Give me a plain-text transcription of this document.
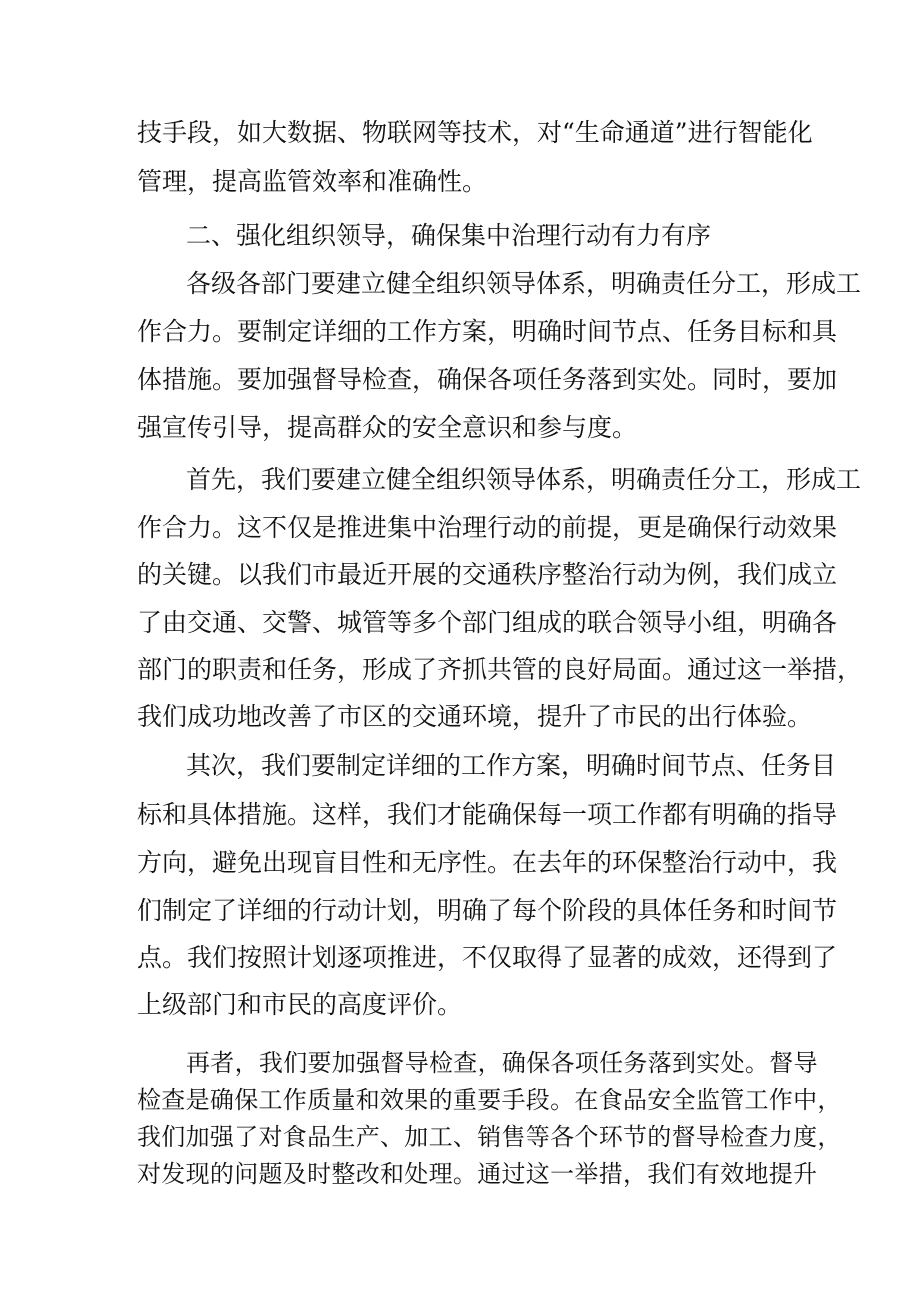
技手段，如大数据、物联网等技术，对“生命通道”进行智能化
管理，提高监管效率和准确性。
二、强化组织领导，确保集中治理行动有力有序
各级各部门要建立健全组织领导体系，明确责任分工，形成工
作合力。要制定详细的工作方案，明确时间节点、任务目标和具
体措施。要加强督导检查，确保各项任务落到实处。同时，要加
强宣传引导，提高群众的安全意识和参与度。
首先，我们要建立健全组织领导体系，明确责任分工，形成工
作合力。这不仅是推进集中治理行动的前提，更是确保行动效果
的关键。以我们市最近开展的交通秩序整治行动为例，我们成立
了由交通、交警、城管等多个部门组成的联合领导小组，明确各
部门的职责和任务，形成了齐抓共管的良好局面。通过这一举措，
我们成功地改善了市区的交通环境，提升了市民的出行体验。
其次，我们要制定详细的工作方案，明确时间节点、任务目
标和具体措施。这样，我们才能确保每一项工作都有明确的指导
方向，避免出现盲目性和无序性。在去年的环保整治行动中，我
们制定了详细的行动计划，明确了每个阶段的具体任务和时间节
点。我们按照计划逐项推进，不仅取得了显著的成效，还得到了
上级部门和市民的高度评价。
再者，我们要加强督导检查，确保各项任务落到实处。督导
检查是确保工作质量和效果的重要手段。在食品安全监管工作中，
我们加强了对食品生产、加工、销售等各个环节的督导检查力度，
对发现的问题及时整改和处理。通过这一举措，我们有效地提升
